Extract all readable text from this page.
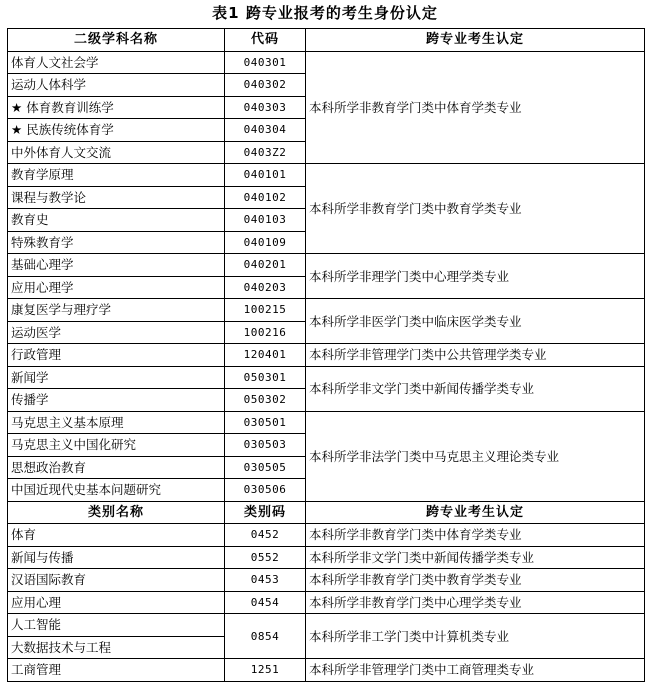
表1 跨专业报考的考生身份认定
二级学科名称	代码	跨专业考生认定
体育人文社会学	040301	本科所学非教育学门类中体育学类专业
运动人体科学	040302	
★ 体育教育训练学	040303	
★ 民族传统体育学	040304	
中外体育人文交流	0403Z2	
教育学原理	040101	本科所学非教育学门类中教育学类专业
课程与教学论	040102	
教育史	040103	
特殊教育学	040109	
基础心理学	040201	本科所学非理学门类中心理学类专业
应用心理学	040203	
康复医学与理疗学	100215	本科所学非医学门类中临床医学类专业
运动医学	100216	
行政管理	120401	本科所学非管理学门类中公共管理学类专业
新闻学	050301	本科所学非文学门类中新闻传播学类专业
传播学	050302	
马克思主义基本原理	030501	本科所学非法学门类中马克思主义理论类专业
马克思主义中国化研究	030503	
思想政治教育	030505	
中国近现代史基本问题研究	030506	
类别名称	类别码	跨专业考生认定
体育	0452	本科所学非教育学门类中体育学类专业
新闻与传播	0552	本科所学非文学门类中新闻传播学类专业
汉语国际教育	0453	本科所学非教育学门类中教育学类专业
应用心理	0454	本科所学非教育学门类中心理学类专业
人工智能	0854	本科所学非工学门类中计算机类专业
大数据技术与工程		
工商管理	1251	本科所学非管理学门类中工商管理类专业
